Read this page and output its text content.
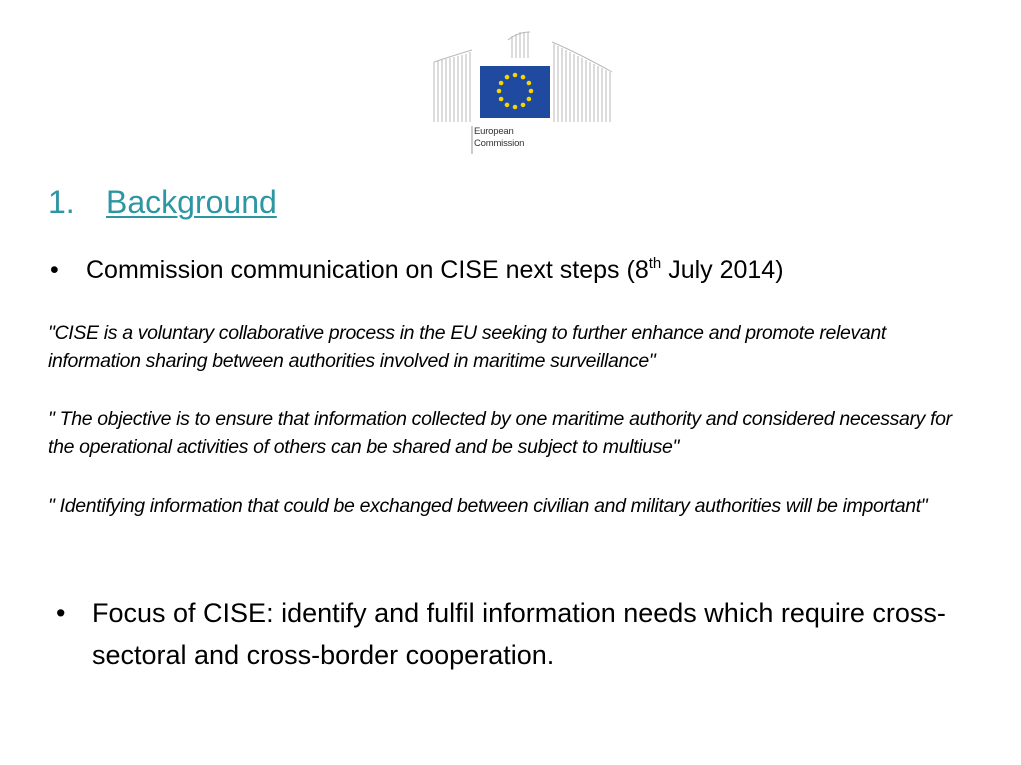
European
Commission
1. Background
• Commission communication on CISE next steps (8th July 2014)
"CISE is a voluntary collaborative process in the EU seeking to further enhance and promote relevant information sharing between authorities involved in maritime surveillance"
" The objective is to ensure that information collected by one maritime authority and considered necessary for the operational activities of others can be shared and be subject to multiuse"
" Identifying information that could be exchanged between civilian and military authorities will be important"
• Focus of CISE: identify and fulfil information needs which require cross-sectoral and cross-border cooperation.
